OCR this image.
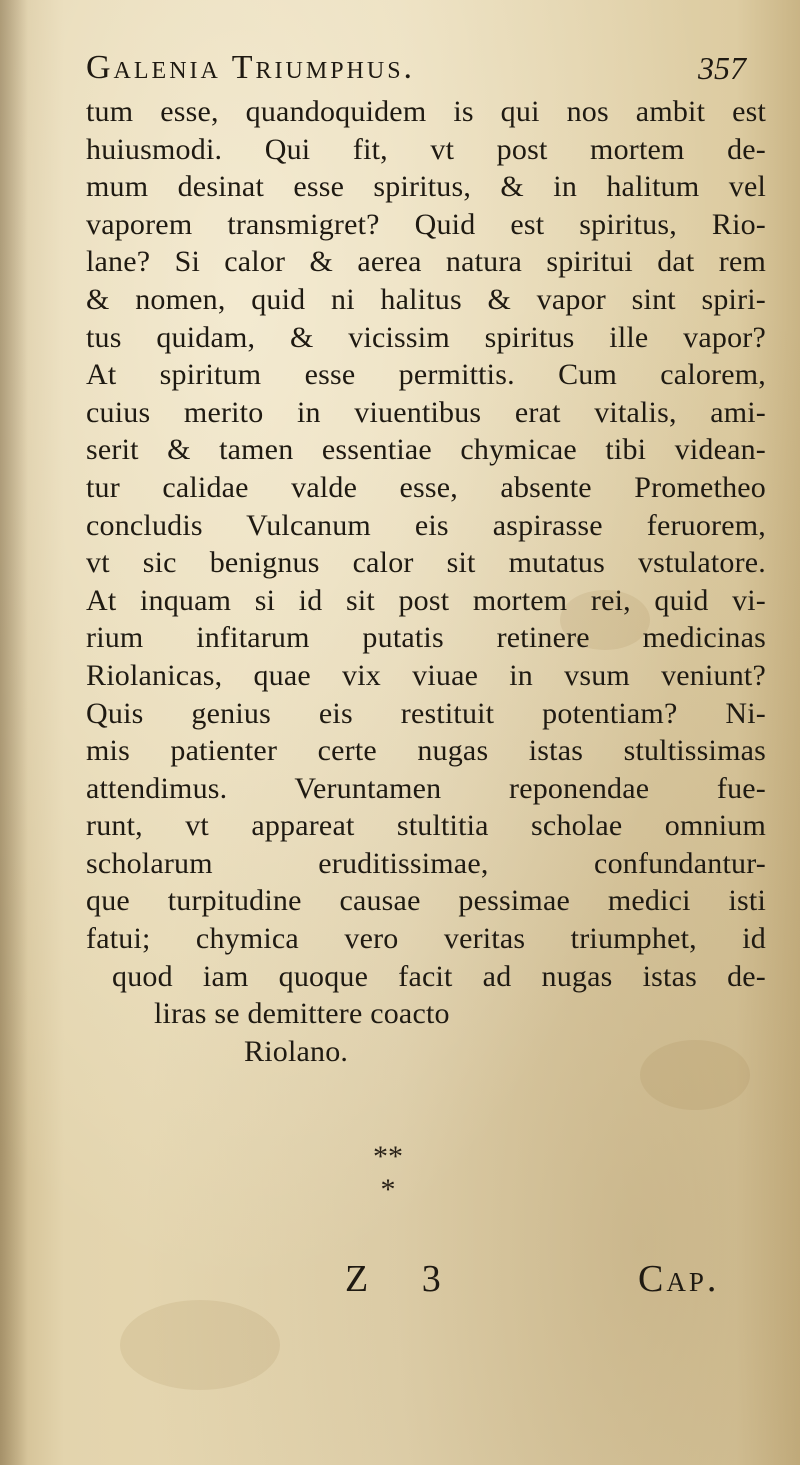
Galenia Triumphus.	357
tum esse, quandoquidem is qui nos ambit est
huiusmodi. Qui fit, vt post mortem de-
mum desinat esse spiritus, & in halitum vel
vaporem transmigret? Quid est spiritus, Rio-
lane? Si calor & aerea natura spiritui dat rem
& nomen, quid ni halitus & vapor sint spiri-
tus quidam, & vicissim spiritus ille vapor?
At spiritum esse permittis. Cum calorem,
cuius merito in viuentibus erat vitalis, ami-
serit & tamen essentiae chymicae tibi videan-
tur calidae valde esse, absente Prometheo
concludis Vulcanum eis aspirasse feruorem,
vt sic benignus calor sit mutatus vstulatore.
At inquam si id sit post mortem rei, quid vi-
rium infitarum putatis retinere medicinas
Riolanicas, quae vix viuae in vsum veniunt?
Quis genius eis restituit potentiam? Ni-
mis patienter certe nugas istas stultissimas
attendimus. Veruntamen reponendae fue-
runt, vt appareat stultitia scholae omnium
scholarum eruditissimae, confundantur-
que turpitudine causae pessimae medici isti
fatui; chymica vero veritas triumphet, id
quod iam quoque facit ad nugas istas de-
liras se demittere coacto
Riolano.
**
*
Z 3	Cap.
